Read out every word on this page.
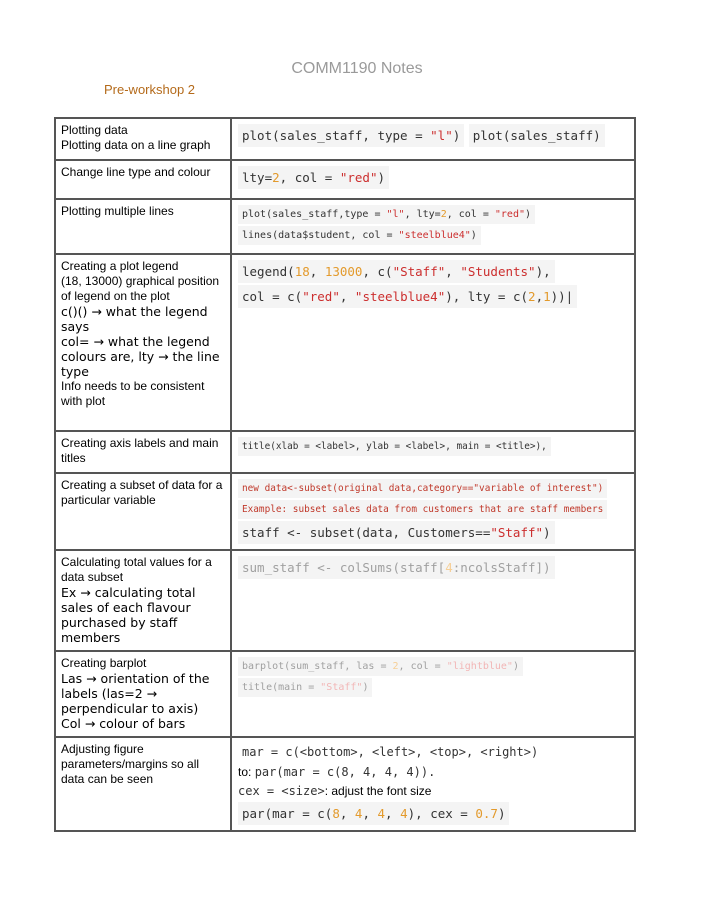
COMM1190 Notes
Pre-workshop 2
Plotting data
Plotting data on a line graph	plot(sales_staff, type = "l") plot(sales_staff)

Change line type and colour	lty=2, col = "red")

Plotting multiple lines	plot(sales_staff,type = "l", lty=2, col = "red")
lines(data$student, col = "steelblue4")

Creating a plot legend
(18, 13000) graphical position of legend on the plot
c()() → what the legend says
col= → what the legend colours are, lty → the line type
Info needs to be consistent with plot	legend(18, 13000, c("Staff", "Students"),
col = c("red", "steelblue4"), lty = c(2,1))|

Creating axis labels and main titles	title(xlab = <label>, ylab = <label>, main = <title>),

Creating a subset of data for a particular variable	new data<-subset(original data,category=="variable of interest")
Example: subset sales data from customers that are staff members
staff <- subset(data, Customers=="Staff")

Calculating total values for a data subset
Ex → calculating total sales of each flavour purchased by staff members	sum_staff <- colSums(staff[4:ncolsStaff])

Creating barplot
Las → orientation of the labels (las=2 → perpendicular to axis)
Col → colour of bars	barplot(sum_staff, las = 2, col = "lightblue")
title(main = "Staff")

Adjusting figure parameters/margins so all data can be seen	mar = c(<bottom>, <left>, <top>, <right>)
to: par(mar = c(8, 4, 4, 4)).
cex = <size>: adjust the font size
par(mar = c(8, 4, 4, 4), cex = 0.7)
